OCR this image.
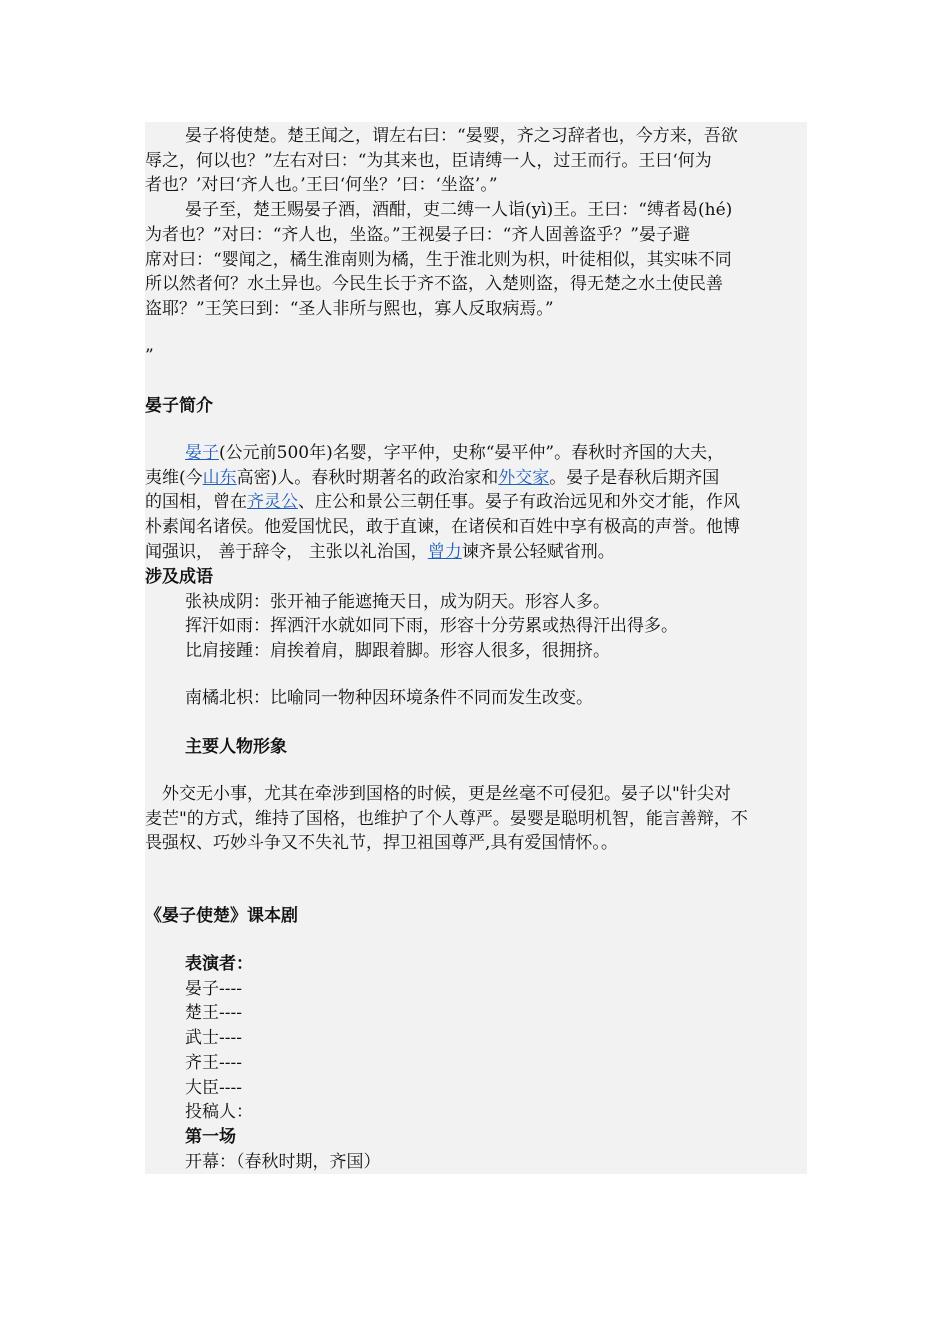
晏子将使楚。楚王闻之，谓左右曰：“晏婴，齐之习辞者也，今方来，吾欲
辱之，何以也？”左右对曰：“为其来也，臣请缚一人，过王而行。王曰‘何为
者也？’对曰‘齐人也。’王曰‘何坐？’曰：‘坐盗’。”
晏子至，楚王赐晏子酒，酒酣，吏二缚一人诣(yì)王。王曰：“缚者曷(hé)
为者也？”对曰：“齐人也，坐盗。”王视晏子曰：“齐人固善盗乎？”晏子避
席对曰：“婴闻之，橘生淮南则为橘，生于淮北则为枳，叶徒相似，其实味不同
所以然者何？水土异也。今民生长于齐不盗，入楚则盗，得无楚之水土使民善
盗耶？”王笑曰到：“圣人非所与熙也，寡人反取病焉。”
”
晏子简介
晏子(公元前500年)名婴，字平仲，史称“晏平仲”。春秋时齐国的大夫，
夷维(今山东高密)人。春秋时期著名的政治家和外交家。晏子是春秋后期齐国
的国相，曾在齐灵公、庄公和景公三朝任事。晏子有政治远见和外交才能，作风
朴素闻名诸侯。他爱国忧民，敢于直谏，在诸侯和百姓中享有极高的声誉。他博
闻强识， 善于辞令， 主张以礼治国，曾力谏齐景公轻赋省刑。
涉及成语
张袂成阴：张开袖子能遮掩天日，成为阴天。形容人多。
挥汗如雨：挥洒汗水就如同下雨，形容十分劳累或热得汗出得多。
比肩接踵：肩挨着肩，脚跟着脚。形容人很多，很拥挤。
南橘北枳：比喻同一物种因环境条件不同而发生改变。
主要人物形象
外交无小事，尤其在牵涉到国格的时候，更是丝毫不可侵犯。晏子以"针尖对
麦芒"的方式，维持了国格，也维护了个人尊严。晏婴是聪明机智，能言善辩，不
畏强权、巧妙斗争又不失礼节，捍卫祖国尊严,具有爱国情怀。。
《晏子使楚》课本剧
表演者：
晏子----
楚王----
武士----
齐王----
大臣----
投稿人：
第一场
开幕：（春秋时期，齐国）
